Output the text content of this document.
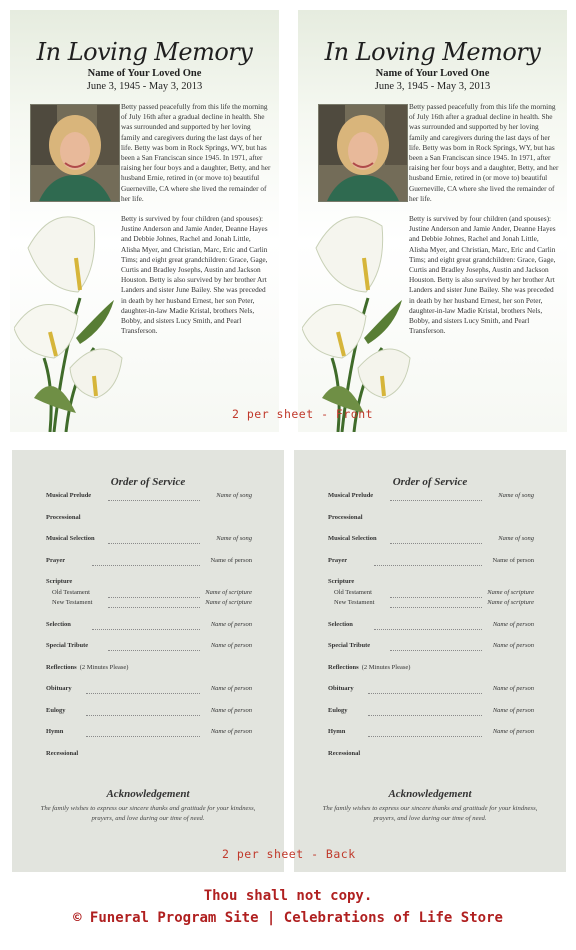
In Loving Memory
Name of Your Loved One
June 3, 1945 - May 3, 2013

Betty passed peacefully from this life the morning of July 16th after a gradual decline in health. She was surrounded and supported by her loving family and caregivers during the last days of her life. Betty was born in Rock Springs, WY, but has been a San Franciscan since 1945. In 1971, after raising her four boys and a daughter, Betty, and her husband Ernie, retired in (or move to) beautiful Guerneville, CA where she lived the remainder of her life.

Betty is survived by four children (and spouses): Justine Anderson and Jamie Ander, Deanne Hayes and Debbie Johnes, Rachel and Jonah Little, Alisha Myer, and Christian, Marc, Eric and Carlin Tims; and eight great grandchildren: Grace, Gage, Curtis and Bradley Josephs, Austin and Jackson Houston. Betty is also survived by her brother Art Landers and sister June Bailey. She was preceded in death by her husband Ernest, her son Peter, daughter-in-law Madie Kristal, brothers Nels, Bobby, and sisters Lucy Smith, and Pearl Transferson.

In Loving Memory
Name of Your Loved One
June 3, 1945 - May 3, 2013

Betty passed peacefully from this life the morning of July 16th after a gradual decline in health. She was surrounded and supported by her loving family and caregivers during the last days of her life. Betty was born in Rock Springs, WY, but has been a San Franciscan since 1945. In 1971, after raising her four boys and a daughter, Betty, and her husband Ernie, retired in (or move to) beautiful Guerneville, CA where she lived the remainder of her life.

Betty is survived by four children (and spouses): Justine Anderson and Jamie Ander, Deanne Hayes and Debbie Johnes, Rachel and Jonah Little, Alisha Myer, and Christian, Marc, Eric and Carlin Tims; and eight great grandchildren: Grace, Gage, Curtis and Bradley Josephs, Austin and Jackson Houston. Betty is also survived by her brother Art Landers and sister June Bailey. She was preceded in death by her husband Ernest, her son Peter, daughter-in-law Madie Kristal, brothers Nels, Bobby, and sisters Lucy Smith, and Pearl Transferson.

Order of Service
Musical Prelude	Name of song
Processional
Musical Selection	Name of song
Prayer	Name of person
Scripture
Old Testament	Name of scripture
New Testament	Name of scripture
Selection	Name of person
Special Tribute	Name of person
Reflections (2 Minutes Please)
Obituary	Name of person
Eulogy	Name of person
Hymn	Name of person
Recessional
Acknowledgement
The family wishes to express our sincere thanks and gratitude for your kindness, prayers, and love during our time of need.
Order of Service
Musical Prelude	Name of song
Processional
Musical Selection	Name of song
Prayer	Name of person
Scripture
Old Testament	Name of scripture
New Testament	Name of scripture
Selection	Name of person
Special Tribute	Name of person
Reflections (2 Minutes Please)
Obituary	Name of person
Eulogy	Name of person
Hymn	Name of person
Recessional
Acknowledgement
The family wishes to express our sincere thanks and gratitude for your kindness, prayers, and love during our time of need.
2 per sheet - Front
2 per sheet - Back
Thou shall not copy.
© Funeral Program Site | Celebrations of Life Store
